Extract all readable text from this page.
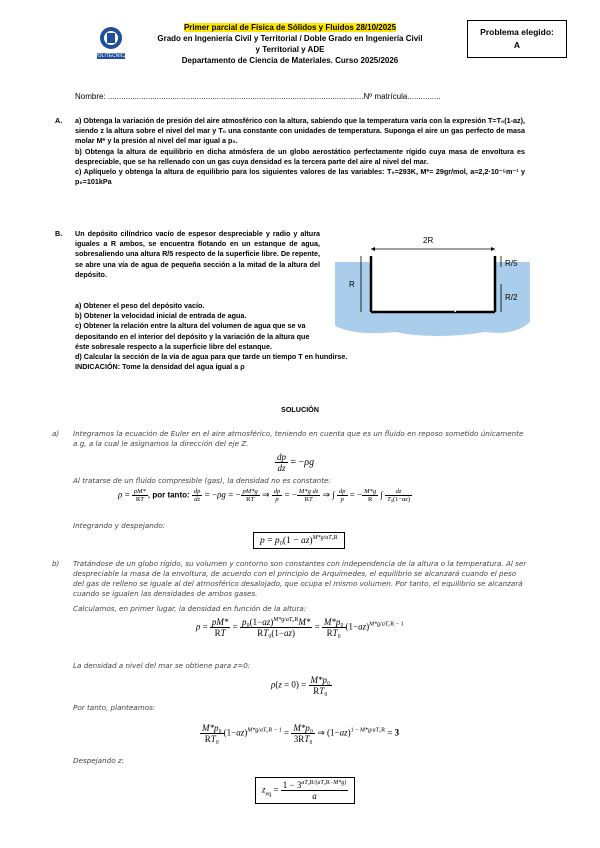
POLITÉCNICA
Primer parcial de Física de Sólidos y Fluidos 28/10/2025
Grado en Ingeniería Civil y Territorial / Doble Grado en Ingeniería Civil
y Territorial y ADE
Departamento de Ciencia de Materiales. Curso 2025/2026
Problema elegido:
A
Nombre: ...................................................................................................................Nº matrícula...............
A. a) Obtenga la variación de presión del aire atmosférico con la altura, sabiendo que la temperatura varía con la expresión T=T₀(1-az), siendo z la altura sobre el nivel del mar y T₀ una constante con unidades de temperatura. Suponga el aire un gas perfecto de masa molar M* y la presión al nivel del mar igual a p₀.
b) Obtenga la altura de equilibrio en dicha atmósfera de un globo aerostático perfectamente rígido cuya masa de envoltura es despreciable, que se ha rellenado con un gas cuya densidad es la tercera parte del aire al nivel del mar.
c) Aplíquelo y obtenga la altura de equilibrio para los siguientes valores de las variables: T₀=293K, M*= 29gr/mol, a=2,2·10⁻⁵m⁻¹ y p₀=101kPa
B. Un depósito cilíndrico vacío de espesor despreciable y radio y altura iguales a R ambos, se encuentra flotando en un estanque de agua, sobresaliendo una altura R/5 respecto de la superficie libre. De repente, se abre una vía de agua de pequeña sección a la mitad de la altura del depósito.
a) Obtener el peso del depósito vacío.
b) Obtener la velocidad inicial de entrada de agua.
c) Obtener la relación entre la altura del volumen de agua que se va depositando en el interior del depósito y la variación de la altura que éste sobresale respecto a la superficie libre del estanque.
d) Calcular la sección de la vía de agua para que tarde un tiempo T en hundirse.
INDICACIÓN: Tome la densidad del agua igual a ρ
2R
R
R/5
R/2
SOLUCIÓN
a) Integramos la ecuación de Euler en el aire atmosférico, teniendo en cuenta que es un fluido en reposo sometido únicamente a g, a la cual le asignamos la dirección del eje Z.
$\frac{dp}{dz} = -\rho g$
Al tratarse de un fluido compresible (gas), la densidad no es constante:
$\rho = \frac{pM*}{RT}$ , por tanto: $\frac{dp}{dz} = -\rho g$ = − $\frac{pM*g}{RT}$ ⇒ $\frac{dp}{p}$ = − $\frac{\text{M*g dz}}{RT}$ ⇒ ∫ $\frac{dp}{p}$ = − $\frac{M*g}{R}$ ∫ $\frac{dz}{\text{T₀(1−az)}}$
Integrando y despejando:
p = p₀(1 − az)$^{M*g/aT_0R}$
b) Tratándose de un globo rígido, su volumen y contorno son constantes con independencia de la altura o la temperatura. Al ser despreciable la masa de la envoltura, de acuerdo con el principio de Arquímedes, el equilibrio se alcanzará cuando el peso del gas de relleno se iguale al del atmosférico desalojado, que ocupa el mismo volumen. Por tanto, el equilibrio se alcanzará cuando se igualen las densidades de ambos gases.
Calculamos, en primer lugar, la densidad en función de la altura:
$\rho = \frac{pM*}{RT} = \frac{p_0(1-az)^{M*g/aT_0R}M*}{\text{RT₀(1−az)}} = \frac{\text{M*p₀}}{\text{RT₀}} (1-az)^{M*g/aT_0R - 1}$
La densidad a nivel del mar se obtiene para z=0:
$\rho(z = 0) = \frac{\text{M*p₀}}{\text{RT₀}}$
Por tanto, planteamos:
$\frac{\text{M*p₀}}{\text{RT₀}} (1-az)^{M*g/aT_0R - 1} = \frac{\text{M*p₀}}{\text{3RT₀}}$ ⇒ $(1-az)^{1 - M*g/aT_0R} = 3$
Despejando z:
$z_{eq} = \frac{1 - 3^{aT_0R/(aT_0R-M*g)}}{a}$
